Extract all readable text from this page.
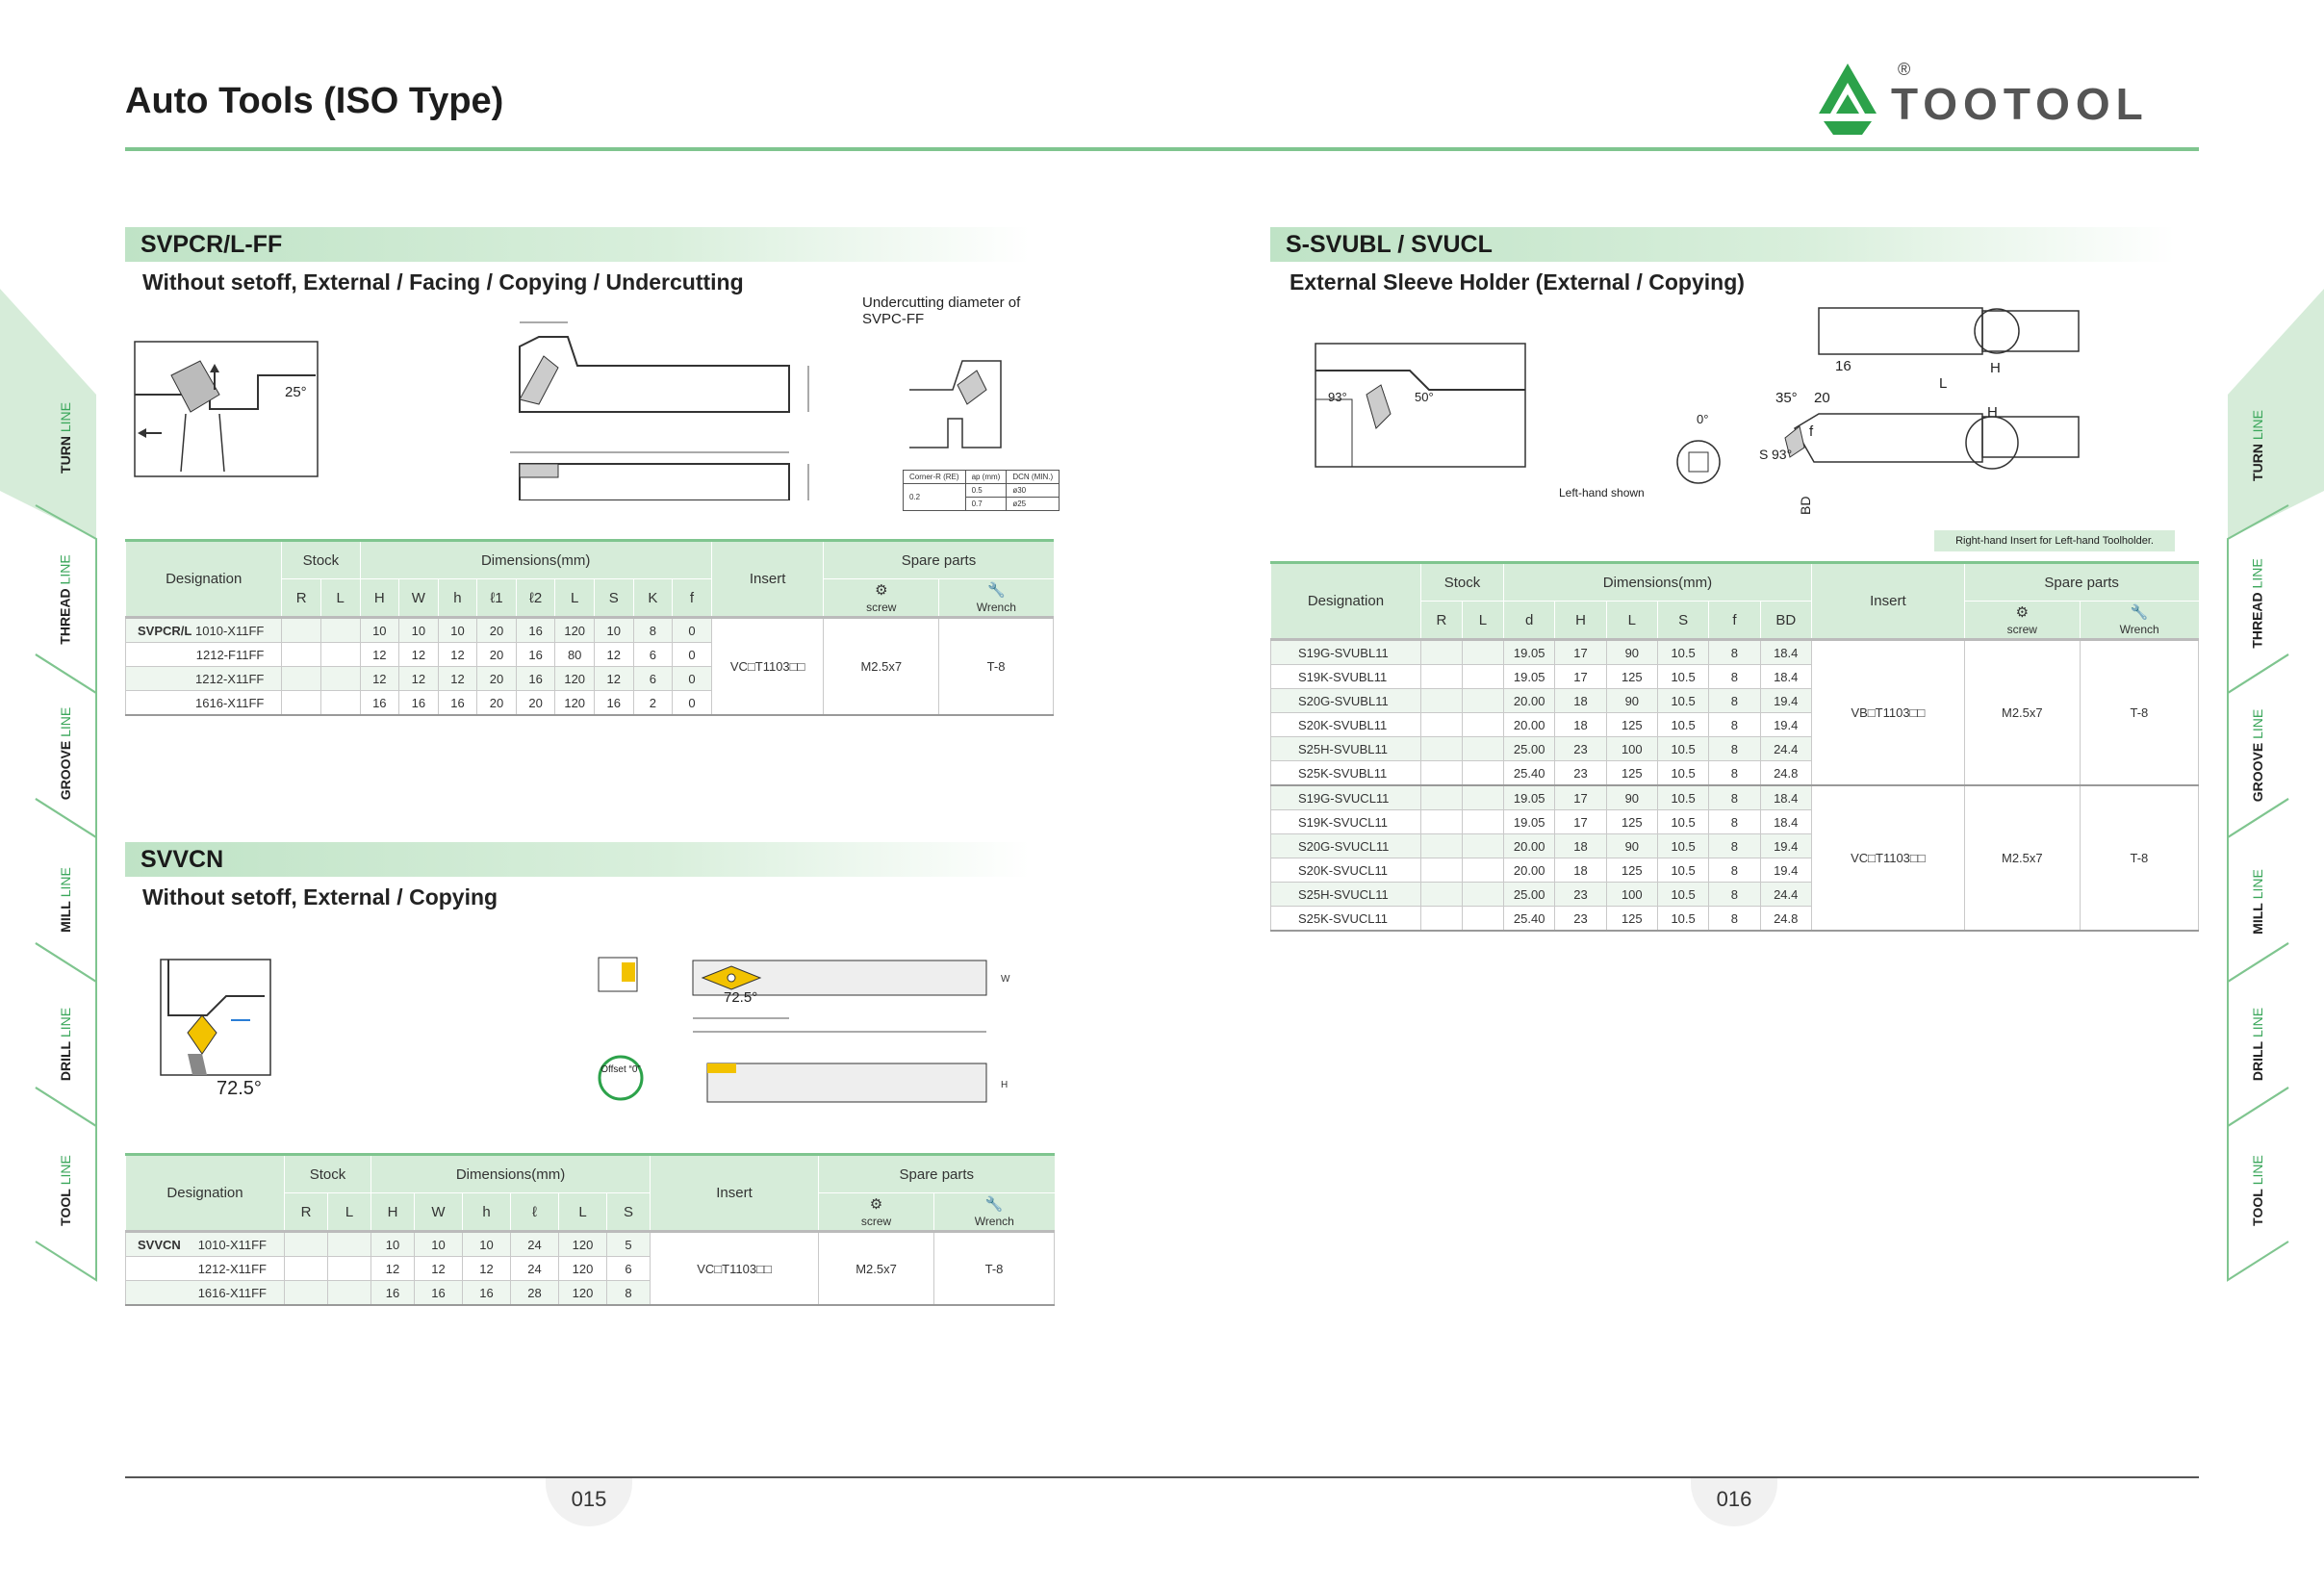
Auto Tools (ISO Type)	TOOTOOL
®
TURN LINE
THREAD LINE
GROOVE LINE
MILL LINE
DRILL LINE
TOOL LINE
TURN LINE
THREAD LINE
GROOVE LINE
MILL LINE
DRILL LINE
TOOL LINE
SVPCR/L-FF
Without setoff, External / Facing / Copying / Undercutting
25°
Undercutting diameter of SVPC-FF
Corner-R (RE)	ap (mm)	DCN (MIN.)
0.2	0.5	ø30
	0.7	ø25
Designation	Stock		Dimensions(mm)									Insert	Spare parts	
	R	L	H	W	h	ℓ1	ℓ2	L	S	K	f		⚙
screw	🔧
Wrench

SVPCR/L 1010-X11FF			10	10	10	20	16	120	10	8	0	VC□T1103□□	M2.5x7	T-8

1212-F11FF			12	12	12	20	16	80	12	6	0			

1212-X11FF			12	12	12	20	16	120	12	6	0			

1616-X11FF			16	16	16	20	20	120	16	2	0			
SVVCN
Without setoff, External / Copying
72.5°
W
H
72.5°
Offset “0”
Designation	Stock		Dimensions(mm)						Insert	Spare parts	
	R	L	H	W	h	ℓ	L	S		⚙
screw	🔧
Wrench

SVVCN 1010-X11FF			10	10	10	24	120	5	VC□T1103□□	M2.5x7	T-8

1212-X11FF			12	12	12	24	120	6			

1616-X11FF			16	16	16	28	120	8			
S-SVUBL / SVUCL
External Sleeve Holder (External / Copying)
93°	50°
0°
Left-hand shown
16	H
L
35° 20
H
f
S 93°
BD
Right-hand Insert for Left-hand Toolholder.
Designation	Stock		Dimensions(mm)						Insert	Spare parts	
	R	L	d	H	L	S	f	BD		⚙
screw	🔧
Wrench
S19G-SVUBL11			19.05	17	90	10.5	8	18.4	VB□T1103□□	M2.5x7	T-8
S19K-SVUBL11			19.05	17	125	10.5	8	18.4			
S20G-SVUBL11			20.00	18	90	10.5	8	19.4			
S20K-SVUBL11			20.00	18	125	10.5	8	19.4			
S25H-SVUBL11			25.00	23	100	10.5	8	24.4			
S25K-SVUBL11			25.40	23	125	10.5	8	24.8			
S19G-SVUCL11			19.05	17	90	10.5	8	18.4	VC□T1103□□	M2.5x7	T-8
S19K-SVUCL11			19.05	17	125	10.5	8	18.4			
S20G-SVUCL11			20.00	18	90	10.5	8	19.4			
S20K-SVUCL11			20.00	18	125	10.5	8	19.4			
S25H-SVUCL11			25.00	23	100	10.5	8	24.4			
S25K-SVUCL11			25.40	23	125	10.5	8	24.8			
015	016
